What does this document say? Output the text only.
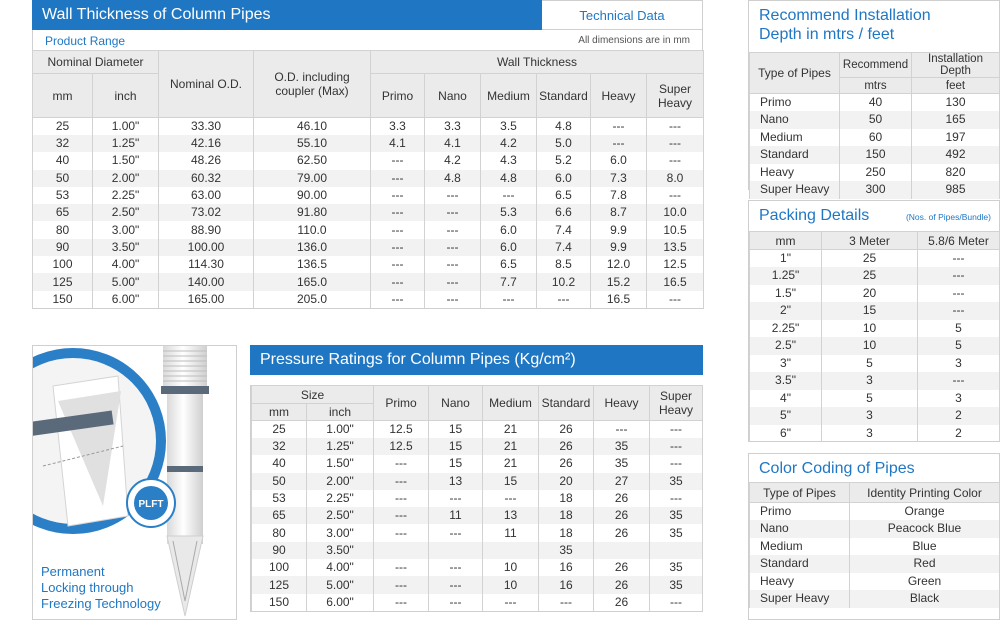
Wall Thickness of Column Pipes	Technical Data
Product Range	All dimensions are in mm
Nominal Diameter		Nominal O.D.	O.D. including coupler (Max)	Wall Thickness					
mm	inch			Primo	Nano	Medium	Standard	Heavy	Super Heavy
25	1.00"	33.30	46.10	3.3	3.3	3.5	4.8	---	---
32	1.25"	42.16	55.10	4.1	4.1	4.2	5.0	---	---
40	1.50"	48.26	62.50	---	4.2	4.3	5.2	6.0	---
50	2.00"	60.32	79.00	---	4.8	4.8	6.0	7.3	8.0
53	2.25"	63.00	90.00	---	---	---	6.5	7.8	---
65	2.50"	73.02	91.80	---	---	5.3	6.6	8.7	10.0
80	3.00"	88.90	110.0	---	---	6.0	7.4	9.9	10.5
90	3.50"	100.00	136.0	---	---	6.0	7.4	9.9	13.5
100	4.00"	114.30	136.5	---	---	6.5	8.5	12.0	12.5
125	5.00"	140.00	165.0	---	---	7.7	10.2	15.2	16.5
150	6.00"	165.00	205.0	---	---	---	---	16.5	---
PLFT
Permanent
Locking through
Freezing Technology
Pressure Ratings for Column Pipes (Kg/cm²)
Size		Primo	Nano	Medium	Standard	Heavy	Super Heavy
mm	inch						
25	1.00"	12.5	15	21	26	---	---
32	1.25"	12.5	15	21	26	35	---
40	1.50"	---	15	21	26	35	---
50	2.00"	---	13	15	20	27	35
53	2.25"	---	---	---	18	26	---
65	2.50"	---	11	13	18	26	35
80	3.00"	---	---	11	18	26	35
90	3.50"				35		
100	4.00"	---	---	10	16	26	35
125	5.00"	---	---	10	16	26	35
150	6.00"	---	---	---	---	26	---
Recommend Installation
Depth in mtrs / feet
Type of Pipes	Recommend	Installation Depth
	mtrs	feet
Primo	40	130
Nano	50	165
Medium	60	197
Standard	150	492
Heavy	250	820
Super Heavy	300	985
Packing Details	(Nos. of Pipes/Bundle)
mm	3 Meter	5.8/6 Meter
1"	25	---
1.25"	25	---
1.5"	20	---
2"	15	---
2.25"	10	5
2.5"	10	5
3"	5	3
3.5"	3	---
4"	5	3
5"	3	2
6"	3	2
Color Coding of Pipes
Type of Pipes	Identity Printing Color
Primo	Orange
Nano	Peacock Blue
Medium	Blue
Standard	Red
Heavy	Green
Super Heavy	Black
